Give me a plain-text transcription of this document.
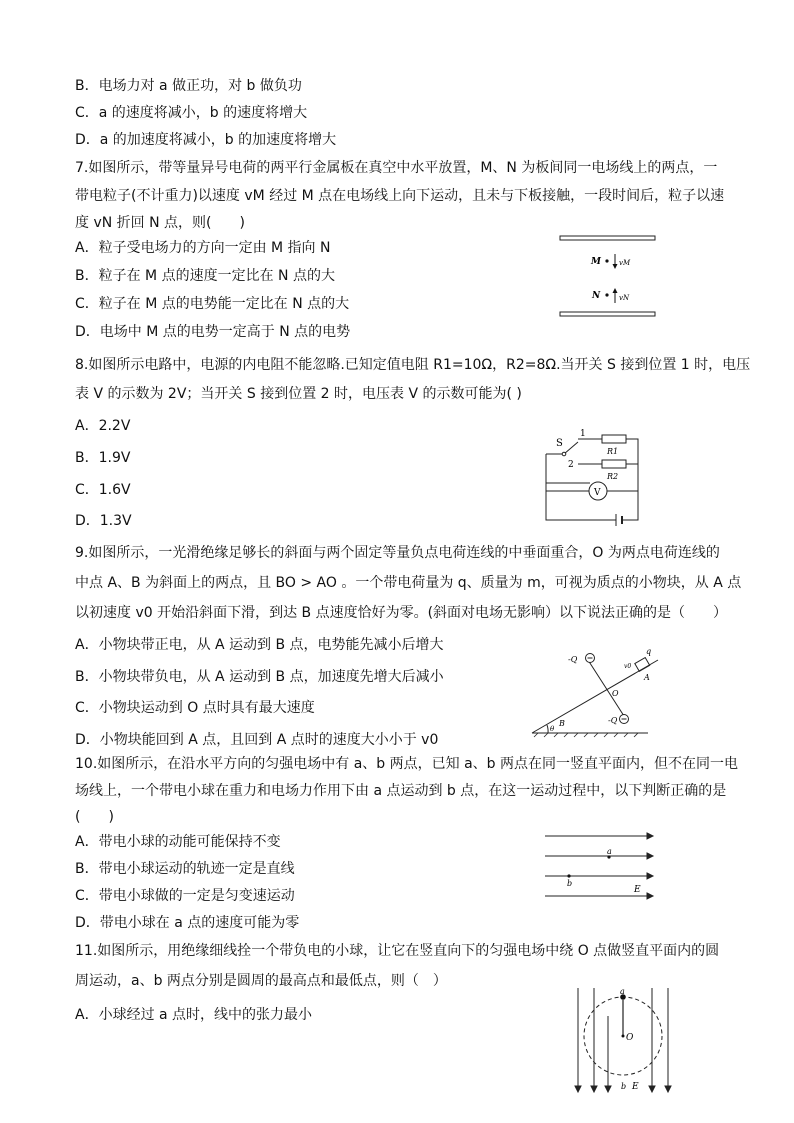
B．电场力对 a 做正功，对 b 做负功
C．a 的速度将减小，b 的速度将增大
D．a 的加速度将减小，b 的加速度将增大
7.如图所示，带等量异号电荷的两平行金属板在真空中水平放置，M、N 为板间同一电场线上的两点，一
带电粒子(不计重力)以速度 vM 经过 M 点在电场线上向下运动，且未与下板接触，一段时间后，粒子以速
度 vN 折回 N 点，则(　　)
A．粒子受电场力的方向一定由 M 指向 N
B．粒子在 M 点的速度一定比在 N 点的大
C．粒子在 M 点的电势能一定比在 N 点的大
D．电场中 M 点的电势一定高于 N 点的电势
8.如图所示电路中，电源的内电阻不能忽略.已知定值电阻 R1=10Ω，R2=8Ω.当开关 S 接到位置 1 时，电压
表 V 的示数为 2V；当开关 S 接到位置 2 时，电压表 V 的示数可能为( )
A．2.2V
B．1.9V
C．1.6V
D．1.3V
9.如图所示，一光滑绝缘足够长的斜面与两个固定等量负点电荷连线的中垂面重合，O 为两点电荷连线的
中点 A、B 为斜面上的两点，且 BO > AO 。一个带电荷量为 q、质量为 m，可视为质点的小物块，从 A 点
以初速度 v0 开始沿斜面下滑，到达 B 点速度恰好为零。(斜面对电场无影响）以下说法正确的是（　　）
A．小物块带正电，从 A 运动到 B 点，电势能先减小后增大
B．小物块带负电，从 A 运动到 B 点，加速度先增大后减小
C．小物块运动到 O 点时具有最大速度
D．小物块能回到 A 点，且回到 A 点时的速度大小小于 v0
10.如图所示，在沿水平方向的匀强电场中有 a、b 两点，已知 a、b 两点在同一竖直平面内，但不在同一电
场线上，一个带电小球在重力和电场力作用下由 a 点运动到 b 点，在这一运动过程中，以下判断正确的是
(　　)
A．带电小球的动能可能保持不变
B．带电小球运动的轨迹一定是直线
C．带电小球做的一定是匀变速运动
D．带电小球在 a 点的速度可能为零
11.如图所示，用绝缘细线拴一个带负电的小球，让它在竖直向下的匀强电场中绕 O 点做竖直平面内的圆
周运动，a、b 两点分别是圆周的最高点和最低点，则（　）
A．小球经过 a 点时，线中的张力最小
M	vM
N	vN
S
1
2
R1
R2
V
-Q
-Q
q
v0
A
O
B
θ
a
b
E
a
O
b E
